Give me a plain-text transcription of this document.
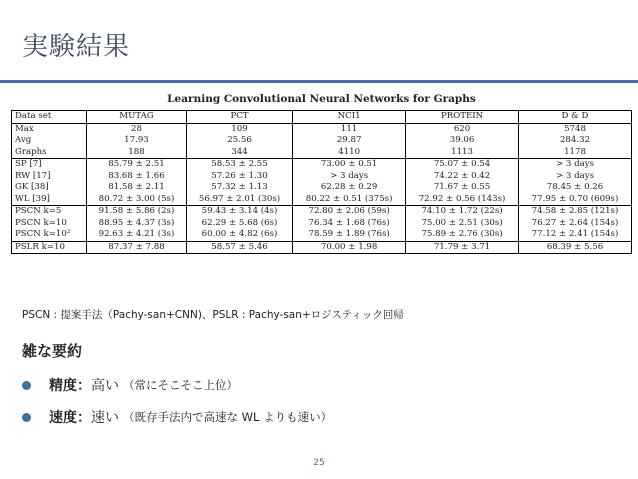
実験結果
Learning Convolutional Neural Networks for Graphs
Data set	MUTAG	PCT	NCI1	PROTEIN	D & D
Max	28	109	111	620	5748
Avg	17.93	25.56	29.87	39.06	284.32
Graphs	188	344	4110	1113	1178
SP [7]	85.79 ± 2.51	58.53 ± 2.55	73.00 ± 0.51	75.07 ± 0.54	> 3 days
RW [17]	83.68 ± 1.66	57.26 ± 1.30	> 3 days	74.22 ± 0.42	> 3 days
GK [38]	81.58 ± 2.11	57.32 ± 1.13	62.28 ± 0.29	71.67 ± 0.55	78.45 ± 0.26
WL [39]	80.72 ± 3.00 (5s)	56.97 ± 2.01 (30s)	80.22 ± 0.51 (375s)	72.92 ± 0.56 (143s)	77.95 ± 0.70 (609s)
PSCN k=5	91.58 ± 5.86 (2s)	59.43 ± 3.14 (4s)	72.80 ± 2.06 (59s)	74.10 ± 1.72 (22s)	74.58 ± 2.85 (121s)
PSCN k=10	88.95 ± 4.37 (3s)	62.29 ± 5.68 (6s)	76.34 ± 1.68 (76s)	75.00 ± 2.51 (30s)	76.27 ± 2.64 (154s)
PSCN k=10²	92.63 ± 4.21 (3s)	60.00 ± 4.82 (6s)	78.59 ± 1.89 (76s)	75.89 ± 2.76 (30s)	77.12 ± 2.41 (154s)
PSLR k=10	87.37 ± 7.88	58.57 ± 5.46	70.00 ± 1.98	71.79 ± 3.71	68.39 ± 5.56
PSCN : 提案手法（Pachy-san+CNN)、PSLR : Pachy-san+ロジスティック回帰
雑な要約
精度： 高い （常にそこそこ上位）
速度： 速い （既存手法内で高速な WL よりも速い）
25
